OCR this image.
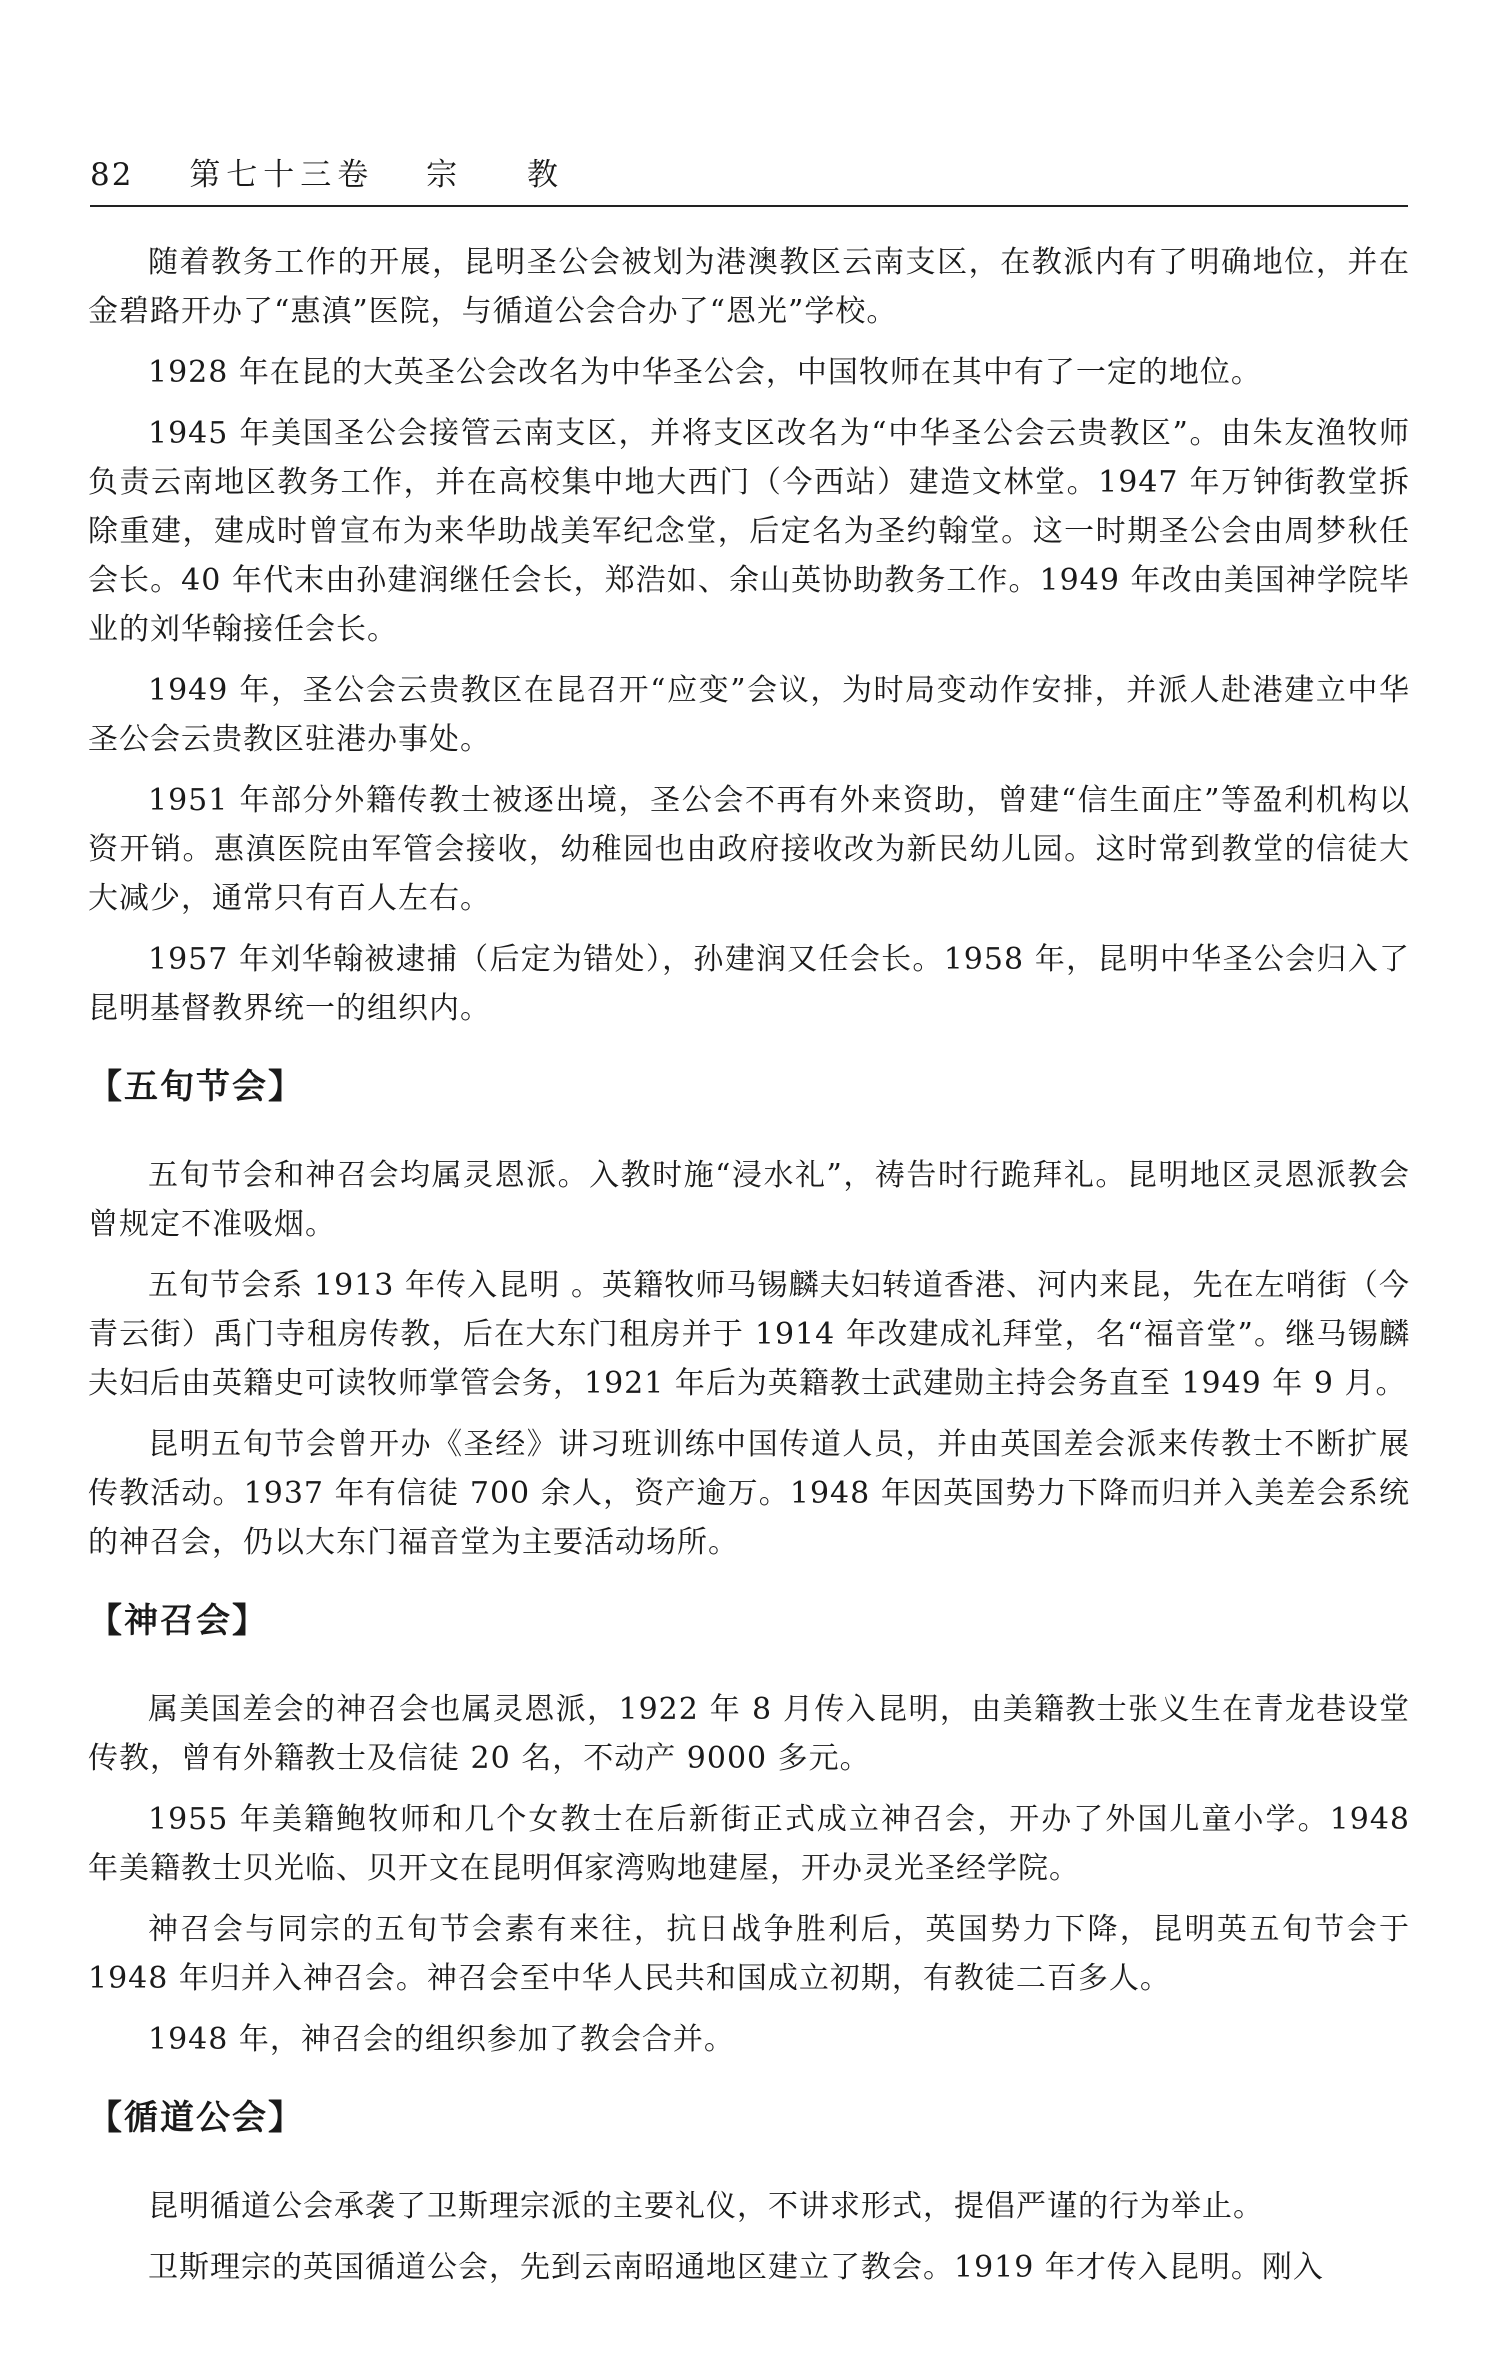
82 第七十三卷 宗 教

随着教务工作的开展，昆明圣公会被划为港澳教区云南支区，在教派内有了明确地位，并在金碧路开办了“惠滇”医院，与循道公会合办了“恩光”学校。

1928 年在昆的大英圣公会改名为中华圣公会，中国牧师在其中有了一定的地位。

1945 年美国圣公会接管云南支区，并将支区改名为“中华圣公会云贵教区”。由朱友渔牧师负责云南地区教务工作，并在高校集中地大西门（今西站）建造文林堂。1947 年万钟街教堂拆除重建，建成时曾宣布为来华助战美军纪念堂，后定名为圣约翰堂。这一时期圣公会由周梦秋任会长。40 年代末由孙建润继任会长，郑浩如、余山英协助教务工作。1949 年改由美国神学院毕业的刘华翰接任会长。

1949 年，圣公会云贵教区在昆召开“应变”会议，为时局变动作安排，并派人赴港建立中华圣公会云贵教区驻港办事处。

1951 年部分外籍传教士被逐出境，圣公会不再有外来资助，曾建“信生面庄”等盈利机构以资开销。惠滇医院由军管会接收，幼稚园也由政府接收改为新民幼儿园。这时常到教堂的信徒大大减少，通常只有百人左右。

1957 年刘华翰被逮捕（后定为错处），孙建润又任会长。1958 年，昆明中华圣公会归入了昆明基督教界统一的组织内。

【五旬节会】

五旬节会和神召会均属灵恩派。入教时施“浸水礼”，祷告时行跪拜礼。昆明地区灵恩派教会曾规定不准吸烟。

五旬节会系 1913 年传入昆明 。英籍牧师马锡麟夫妇转道香港、河内来昆，先在左哨街（今青云街）禹门寺租房传教，后在大东门租房并于 1914 年改建成礼拜堂，名“福音堂”。继马锡麟夫妇后由英籍史可读牧师掌管会务，1921 年后为英籍教士武建勋主持会务直至 1949 年 9 月。

昆明五旬节会曾开办《圣经》讲习班训练中国传道人员，并由英国差会派来传教士不断扩展传教活动。1937 年有信徒 700 余人，资产逾万。1948 年因英国势力下降而归并入美差会系统的神召会，仍以大东门福音堂为主要活动场所。

【神召会】

属美国差会的神召会也属灵恩派，1922 年 8 月传入昆明，由美籍教士张义生在青龙巷设堂传教，曾有外籍教士及信徒 20 名，不动产 9000 多元。

1955 年美籍鲍牧师和几个女教士在后新街正式成立神召会，开办了外国儿童小学。1948 年美籍教士贝光临、贝开文在昆明佴家湾购地建屋，开办灵光圣经学院。

神召会与同宗的五旬节会素有来往，抗日战争胜利后，英国势力下降，昆明英五旬节会于 1948 年归并入神召会。神召会至中华人民共和国成立初期，有教徒二百多人。

1948 年，神召会的组织参加了教会合并。

【循道公会】

昆明循道公会承袭了卫斯理宗派的主要礼仪，不讲求形式，提倡严谨的行为举止。

卫斯理宗的英国循道公会，先到云南昭通地区建立了教会。1919 年才传入昆明。刚入
